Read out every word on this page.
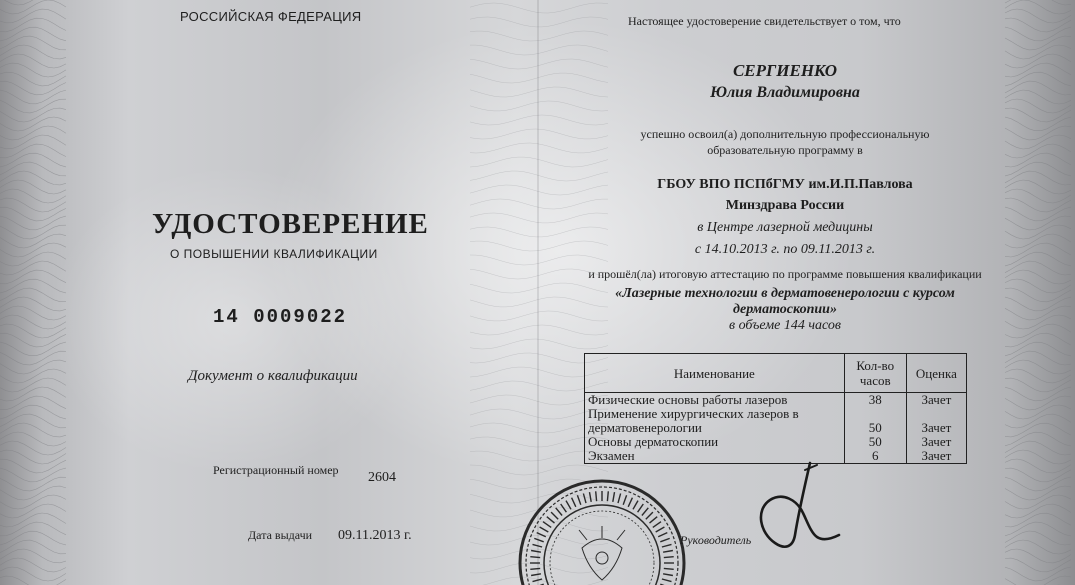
РОССИЙСКАЯ ФЕДЕРАЦИЯ
УДОСТОВЕРЕНИЕ
О ПОВЫШЕНИИ КВАЛИФИКАЦИИ
14 0009022
Документ о квалификации
Регистрационный номер 2604
Дата выдачи 09.11.2013 г.
Настоящее удостоверение свидетельствует о том, что
СЕРГИЕНКО
Юлия Владимировна
успешно освоил(а) дополнительную профессиональную
образовательную программу в
ГБОУ ВПО ПСПбГМУ им.И.П.Павлова
Минздрава России
в Центре лазерной медицины
с 14.10.2013 г. по 09.11.2013 г.
и прошёл(ла) итоговую аттестацию по программе повышения квалификации
«Лазерные технологии в дерматовенерологии с курсом
дерматоскопии»
в объеме 144 часов
Наименование	Кол-во часов	Оценка
Физические основы работы лазеров	38	Зачет
Применение хирургических лазеров в дерматовенерологии	50	Зачет
Основы дерматоскопии	50	Зачет
Экзамен	6	Зачет
Руководитель
